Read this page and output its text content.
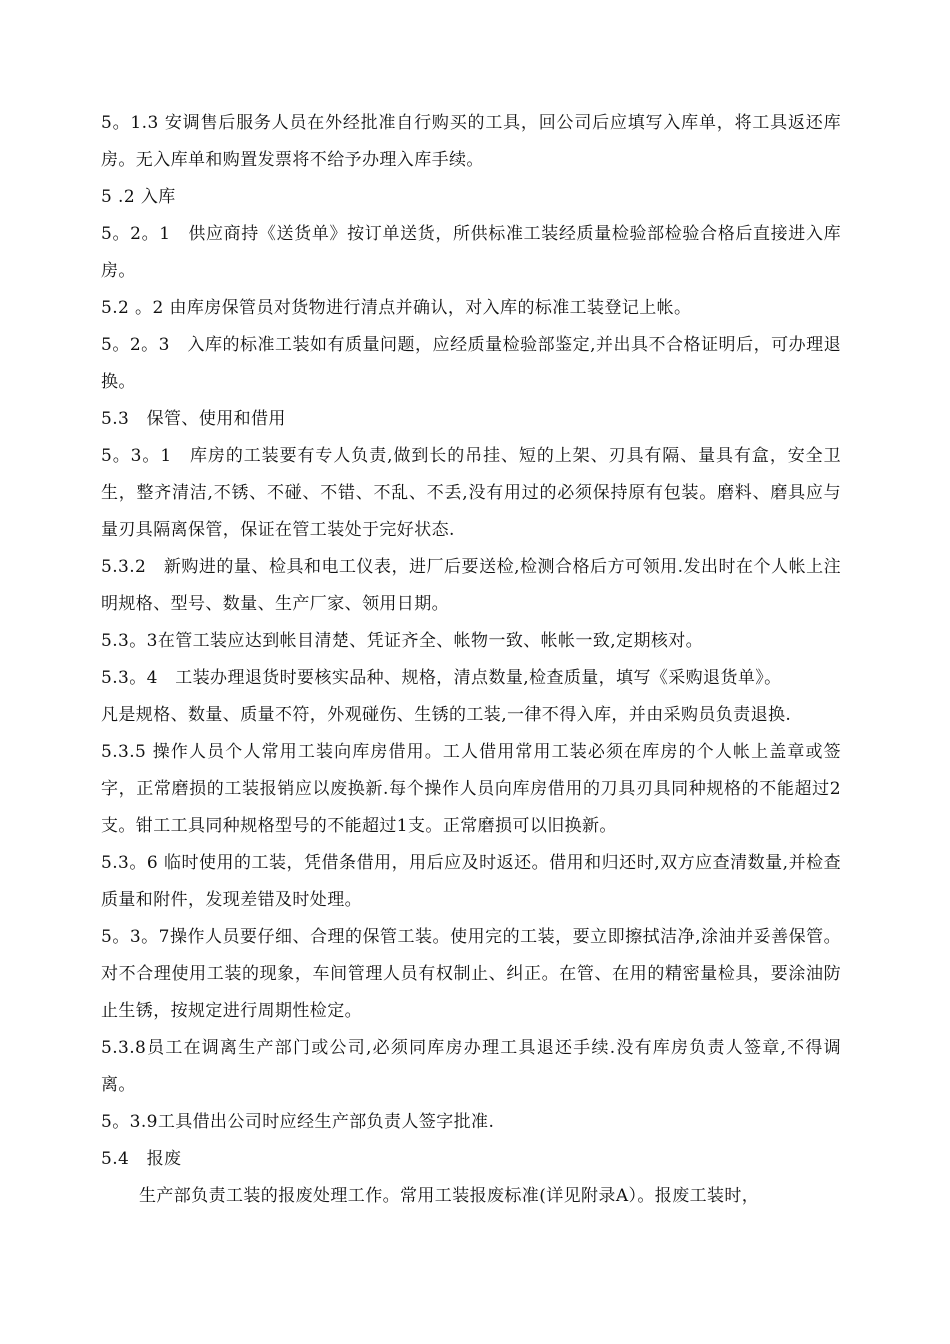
5。1.3 安调售后服务人员在外经批准自行购买的工具，回公司后应填写入库单，将工具返还库房。无入库单和购置发票将不给予办理入库手续。

5 .2 入库

5。2。1　供应商持《送货单》按订单送货，所供标准工装经质量检验部检验合格后直接进入库房。

5.2 。2 由库房保管员对货物进行清点并确认，对入库的标准工装登记上帐。

5。2。3　入库的标准工装如有质量问题，应经质量检验部鉴定,并出具不合格证明后，可办理退换。

5.3　保管、使用和借用

5。3。1　库房的工装要有专人负责,做到长的吊挂、短的上架、刃具有隔、量具有盒，安全卫生，整齐清洁,不锈、不碰、不错、不乱、不丢,没有用过的必须保持原有包装。磨料、磨具应与量刃具隔离保管，保证在管工装处于完好状态.

5.3.2　新购进的量、检具和电工仪表，进厂后要送检,检测合格后方可领用.发出时在个人帐上注明规格、型号、数量、生产厂家、领用日期。

5.3。3在管工装应达到帐目清楚、凭证齐全、帐物一致、帐帐一致,定期核对。

5.3。4　工装办理退货时要核实品种、规格，清点数量,检查质量，填写《采购退货单》。

凡是规格、数量、质量不符，外观碰伤、生锈的工装,一律不得入库，并由采购员负责退换.

5.3.5 操作人员个人常用工装向库房借用。工人借用常用工装必须在库房的个人帐上盖章或签字，正常磨损的工装报销应以废换新.每个操作人员向库房借用的刀具刃具同种规格的不能超过2支。钳工工具同种规格型号的不能超过1支。正常磨损可以旧换新。

5.3。6 临时使用的工装，凭借条借用，用后应及时返还。借用和归还时,双方应查清数量,并检查质量和附件，发现差错及时处理。

5。3。7操作人员要仔细、合理的保管工装。使用完的工装，要立即擦拭洁净,涂油并妥善保管。对不合理使用工装的现象，车间管理人员有权制止、纠正。在管、在用的精密量检具，要涂油防止生锈，按规定进行周期性检定。

5.3.8员工在调离生产部门或公司,必须同库房办理工具退还手续.没有库房负责人签章,不得调离。

5。3.9工具借出公司时应经生产部负责人签字批准.

5.4　报废

生产部负责工装的报废处理工作。常用工装报废标准(详见附录A）。报废工装时，
